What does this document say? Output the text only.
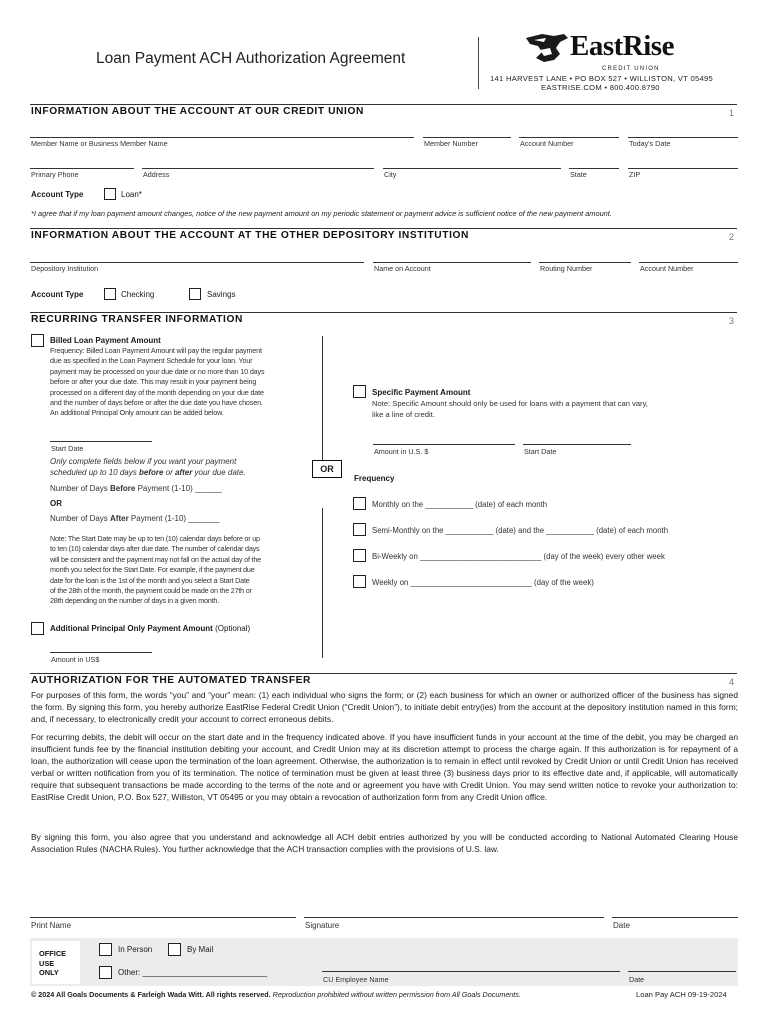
Loan Payment ACH Authorization Agreement	EastRise
CREDIT UNION
141 HARVEST LANE • PO BOX 527 • WILLISTON, VT 05495
EASTRISE.COM • 800.400.8790
INFORMATION ABOUT THE ACCOUNT AT OUR CREDIT UNION	1
Member Name or Business Member Name	Member Number	Account Number	Today's Date
Primary Phone	Address	City	State	ZIP
Account Type	Loan*
*I agree that if my loan payment amount changes, notice of the new payment amount on my periodic statement or payment advice is sufficient notice of the new payment amount.
INFORMATION ABOUT THE ACCOUNT AT THE OTHER DEPOSITORY INSTITUTION	2
Depository Institution	Name on Account	Routing Number	Account Number
Account Type	Checking	Savings
RECURRING TRANSFER INFORMATION	3
Billed Loan Payment Amount
Frequency: Billed Loan Payment Amount will pay the regular payment
due as specified in the Loan Payment Schedule for your loan. Your
payment may be processed on your due date or no more than 10 days
before or after your due date. This may result in your payment being
processed on a different day of the month depending on your due date
and the number of days before or after the due date you have chosen.
An additional Principal Only amount can be added below.
Start Date
Only complete fields below if you want your payment
scheduled up to 10 days before or after your due date.
Number of Days Before Payment (1-10) ______
OR
Number of Days After Payment (1-10) _______
Note: The Start Date may be up to ten (10) calendar days before or up
to ten (10) calendar days after due date. The number of calendar days
will be consistent and the payment may not fall on the actual day of the
month you select for the Start Date. For example, if the payment due
date for the loan is the 1st of the month and you select a Start Date
of the 28th of the month, the payment could be made on the 27th or
28th depending on the number of days in a given month.
Additional Principal Only Payment Amount (Optional)
Amount in US$
OR
Specific Payment Amount
Note: Specific Amount should only be used for loans with a payment that can vary,
like a line of credit.
Amount in U.S. $	Start Date
Frequency
Monthly on the ___________ (date) of each month
Semi-Monthly on the ___________ (date) and the ___________ (date) of each month
Bi-Weekly on ____________________________ (day of the week) every other week
Weekly on ____________________________ (day of the week)
AUTHORIZATION FOR THE AUTOMATED TRANSFER	4
For purposes of this form, the words “you” and “your” mean: (1) each individual who signs the form; or (2) each business for which an owner or authorized officer of the business has signed the form. By signing this form, you hereby authorize EastRise Federal Credit Union (“Credit Union”), to initiate debit entry(ies) from the account at the depository institution named in this form; and, if necessary, to electronically credit your account to correct erroneous debits.
For recurring debits, the debit will occur on the start date and in the frequency indicated above. If you have insufficient funds in your account at the time of the debit, you may be charged an insufficient funds fee by the financial institution debiting your account, and Credit Union may at its discretion attempt to process the charge again. If this authorization is for repayment of a loan, the authorization will cease upon the termination of the loan agreement. Otherwise, the authorization is to remain in effect until revoked by Credit Union or until Credit Union has received verbal or written notification from you of its termination. The notice of termination must be given at least three (3) business days prior to its effective date and, if applicable, will automatically require that subsequent transactions be made according to the terms of the note and or agreement you have with Credit Union. You may send written notice to revoke your authorization to: EastRise Credit Union, P.O. Box 527, Williston, VT 05495 or you may obtain a revocation of authorization form from any Credit Union office.
By signing this form, you also agree that you understand and acknowledge all ACH debit entries authorized by you will be conducted according to National Automated Clearing House Association Rules (NACHA Rules). You further acknowledge that the ACH transaction complies with the provisions of U.S. law.
Print Name	Signature	Date
OFFICE
USE
ONLY
In Person	By Mail
Other: ____________________________
CU Employee Name	Date
© 2024 All Goals Documents & Farleigh Wada Witt. All rights reserved. Reproduction prohibited without written permission from All Goals Documents.	Loan Pay ACH 09-19-2024
